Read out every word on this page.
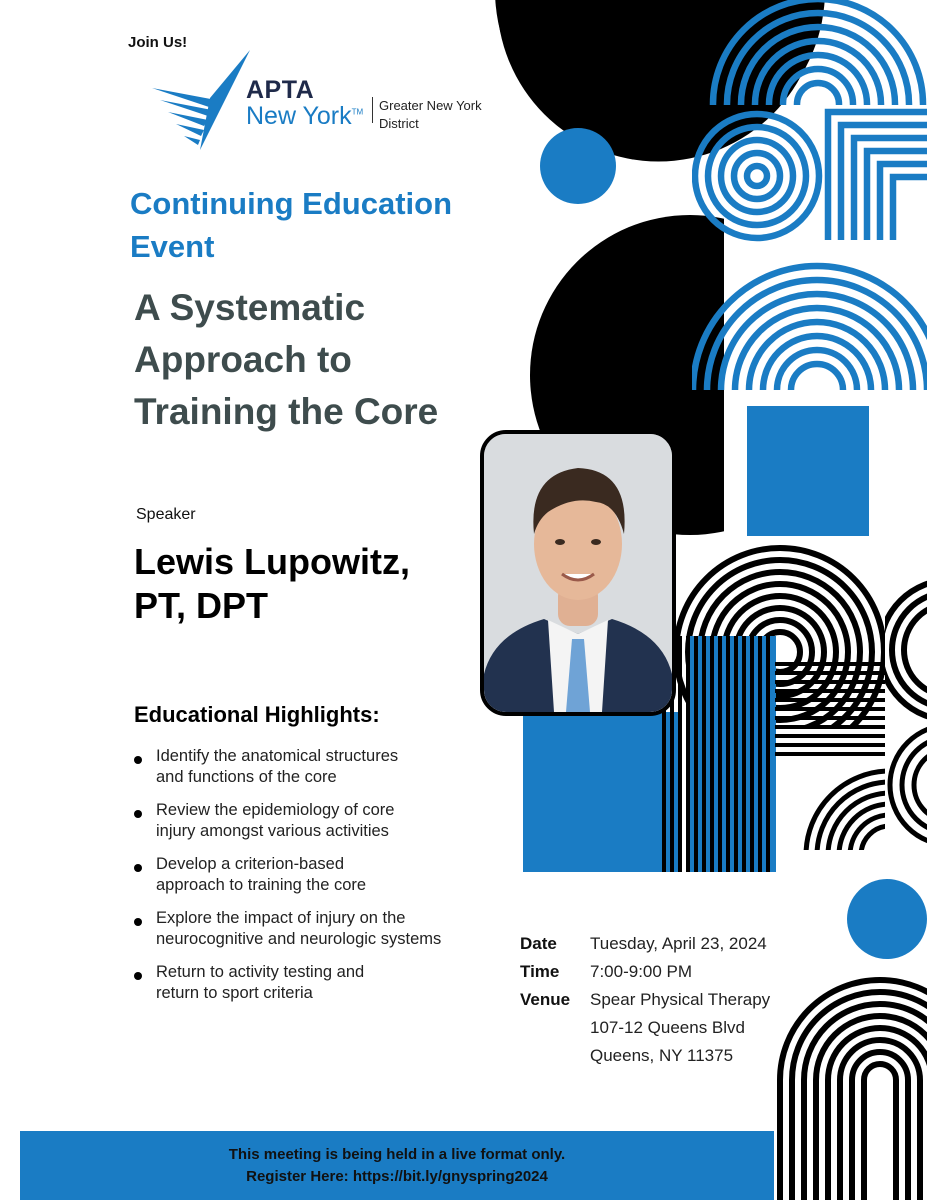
Join Us!
APTA
New York™ Greater New York
District
Continuing Education Event
A Systematic Approach to Training the Core
Speaker
Lewis Lupowitz, PT, DPT
Educational Highlights:
Identify the anatomical structures
and functions of the core
Review the epidemiology of core
injury amongst various activities
Develop a criterion-based
approach to training the core
Explore the impact of injury on the
neurocognitive and neurologic systems
Return to activity testing and
return to sport criteria
Date Tuesday, April 23, 2024
Time 7:00-9:00 PM
Venue Spear Physical Therapy
107-12 Queens Blvd
Queens, NY 11375
This meeting is being held in a live format only.
Register Here: https://bit.ly/gnyspring2024
